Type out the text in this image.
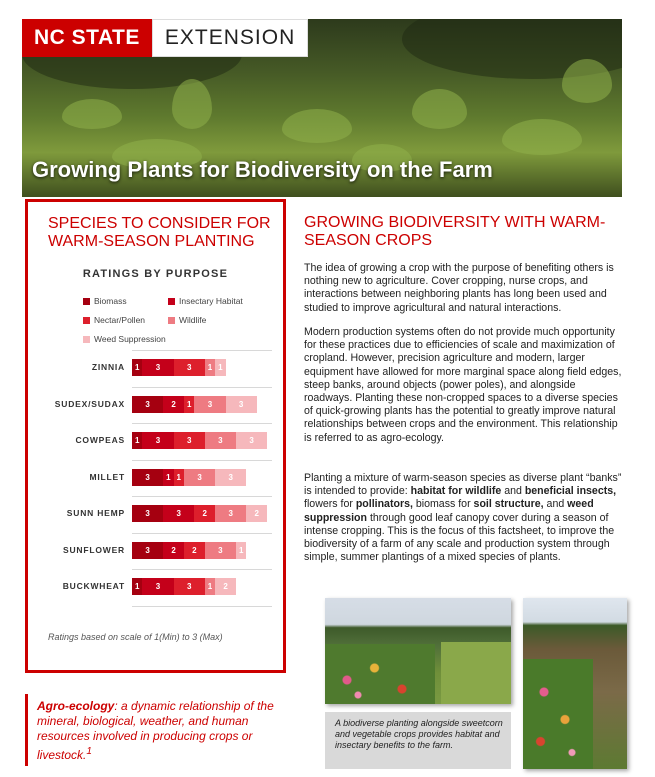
NC STATE	EXTENSION
Growing Plants for Biodiversity on the Farm
SPECIES TO CONSIDER FOR WARM-SEASON PLANTING
RATINGS BY PURPOSE
Biomass	Insectary Habitat
Nectar/Pollen	Wildlife
Weed Suppression
ZINNIA	1	3	3	1 1
SUDEX/SUDAX	3	2	1	3	3
COWPEAS	1	3	3	3	3
MILLET	3	1 1	3	3
SUNN HEMP	3	3	2	3	2
SUNFLOWER	3	2	2	3	1
BUCKWHEAT	1	3	3	1	2
Ratings based on scale of 1(Min) to 3 (Max)
GROWING BIODIVERSITY WITH WARM-SEASON CROPS
The idea of growing a crop with the purpose of benefiting others is nothing new to agriculture. Cover cropping, nurse crops, and interactions between neighboring plants has long been used and studied to improve agricultural and natural interactions.
Modern production systems often do not provide much opportunity for these practices due to efficiencies of scale and maximization of cropland. However, precision agriculture and modern, larger equipment have allowed for more marginal space along field edges, steep banks, around objects (power poles), and alongside roadways. Planting these non-cropped spaces to a diverse species of quick-growing plants has the potential to greatly improve natural relationships between crops and the environment. This relationship is referred to as agro-ecology.
Planting a mixture of warm-season species as diverse plant “banks” is intended to provide: habitat for wildlife and beneficial insects, flowers for pollinators, biomass for soil structure, and weed suppression through good leaf canopy cover during a season of intense cropping. This is the focus of this factsheet, to improve the biodiversity of a farm of any scale and production system through simple, summer plantings of a mixed species of plants.
A biodiverse planting alongside sweetcorn and vegetable crops provides habitat and insectary benefits to the farm.
Agro-ecology: a dynamic relationship of the mineral, biological, weather, and human resources involved in producing crops or livestock.$^1$
